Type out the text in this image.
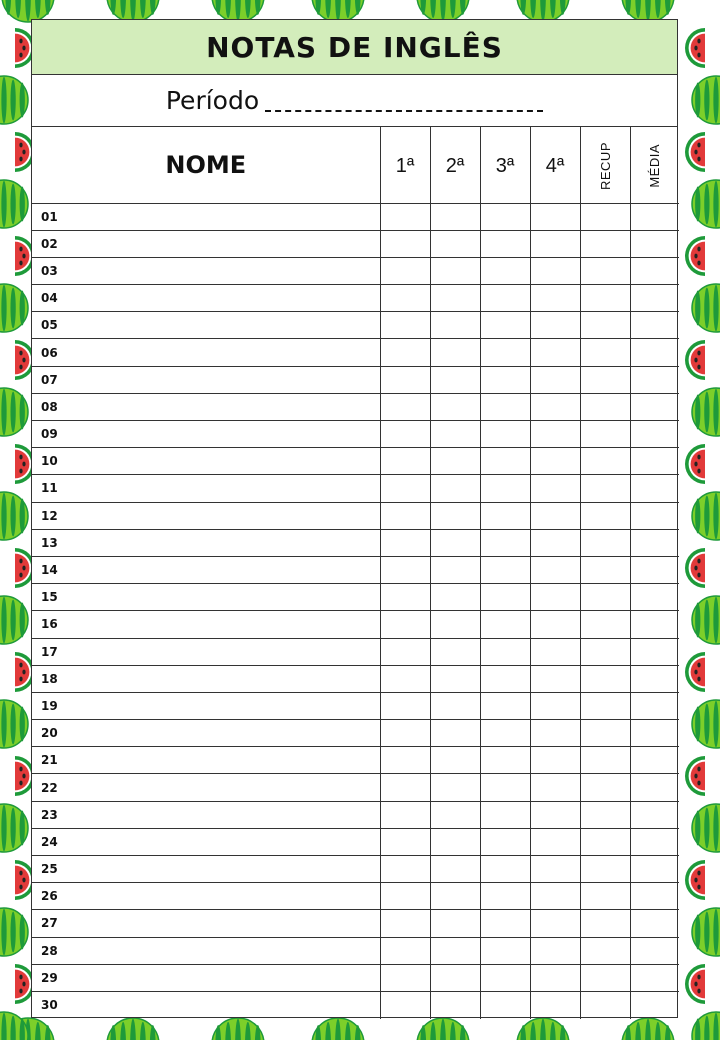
NOTAS DE INGLÊS
Período
NOME	1ª	2ª	3ª	4ª	RECUP	MÉDIA
01						
02						
03						
04						
05						
06						
07						
08						
09						
10						
11						
12						
13						
14						
15						
16						
17						
18						
19						
20						
21						
22						
23						
24						
25						
26						
27						
28						
29						
30						
